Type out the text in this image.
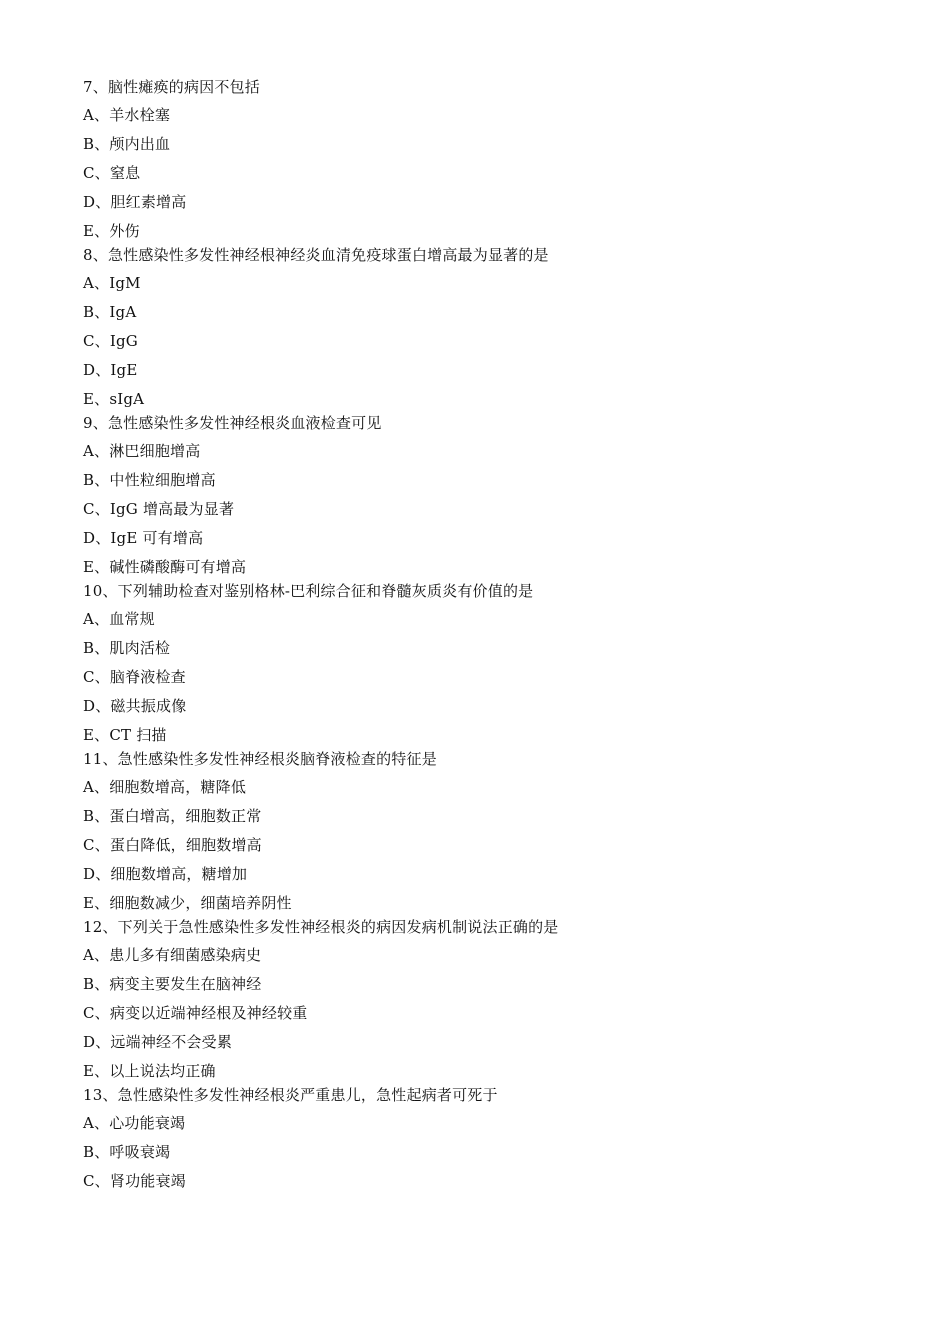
7、脑性瘫痪的病因不包括

A、羊水栓塞

B、颅内出血

C、窒息

D、胆红素增高

E、外伤

8、急性感染性多发性神经根神经炎血清免疫球蛋白增高最为显著的是

A、IgM

B、IgA

C、IgG

D、IgE

E、sIgA

9、急性感染性多发性神经根炎血液检查可见

A、淋巴细胞增高

B、中性粒细胞增高

C、IgG 增高最为显著

D、IgE 可有增高

E、碱性磷酸酶可有增高

10、下列辅助检查对鉴别格林-巴利综合征和脊髓灰质炎有价值的是

A、血常规

B、肌肉活检

C、脑脊液检查

D、磁共振成像

E、CT 扫描

11、急性感染性多发性神经根炎脑脊液检查的特征是

A、细胞数增高，糖降低

B、蛋白增高，细胞数正常

C、蛋白降低，细胞数增高

D、细胞数增高，糖增加

E、细胞数减少，细菌培养阴性

12、下列关于急性感染性多发性神经根炎的病因发病机制说法正确的是

A、患儿多有细菌感染病史

B、病变主要发生在脑神经

C、病变以近端神经根及神经较重

D、远端神经不会受累

E、以上说法均正确

13、急性感染性多发性神经根炎严重患儿，急性起病者可死于

A、心功能衰竭

B、呼吸衰竭

C、肾功能衰竭
